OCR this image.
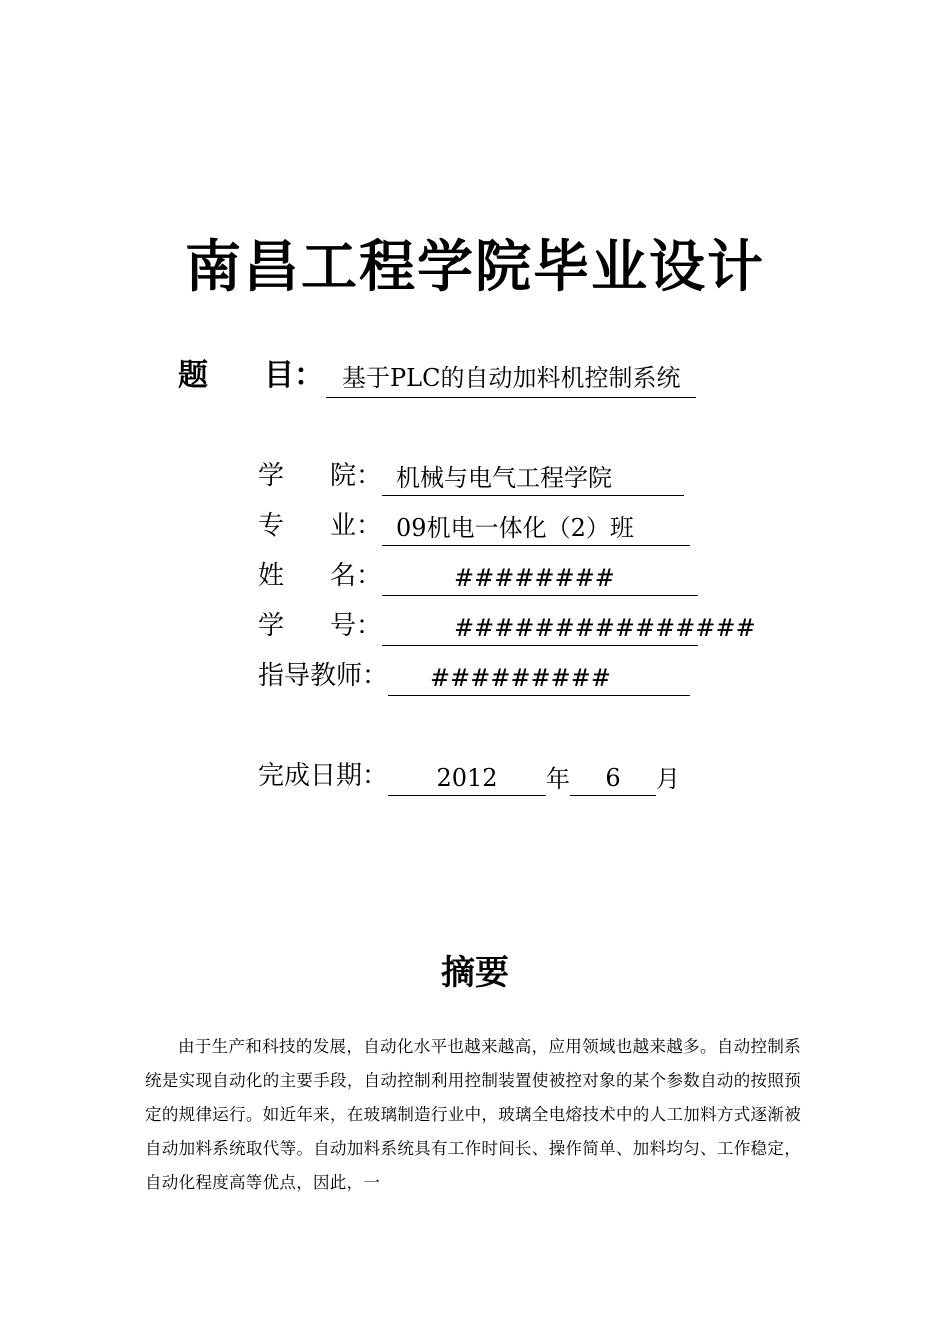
南昌工程学院毕业设计
题 目： 基于PLC的自动加料机控制系统
学 院： 机械与电气工程学院
专 业： 09机电一体化（2）班
姓 名：	########
学 号：	###############
指导教师： #########
完成日期： 2012 年 6 月
摘要
由于生产和科技的发展，自动化水平也越来越高，应用领域也越来越多。自动控制系统是实现自动化的主要手段，自动控制利用控制装置使被控对象的某个参数自动的按照预定的规律运行。如近年来，在玻璃制造行业中，玻璃全电熔技术中的人工加料方式逐渐被自动加料系统取代等。自动加料系统具有工作时间长、操作简单、加料均匀、工作稳定，自动化程度高等优点，因此，一
